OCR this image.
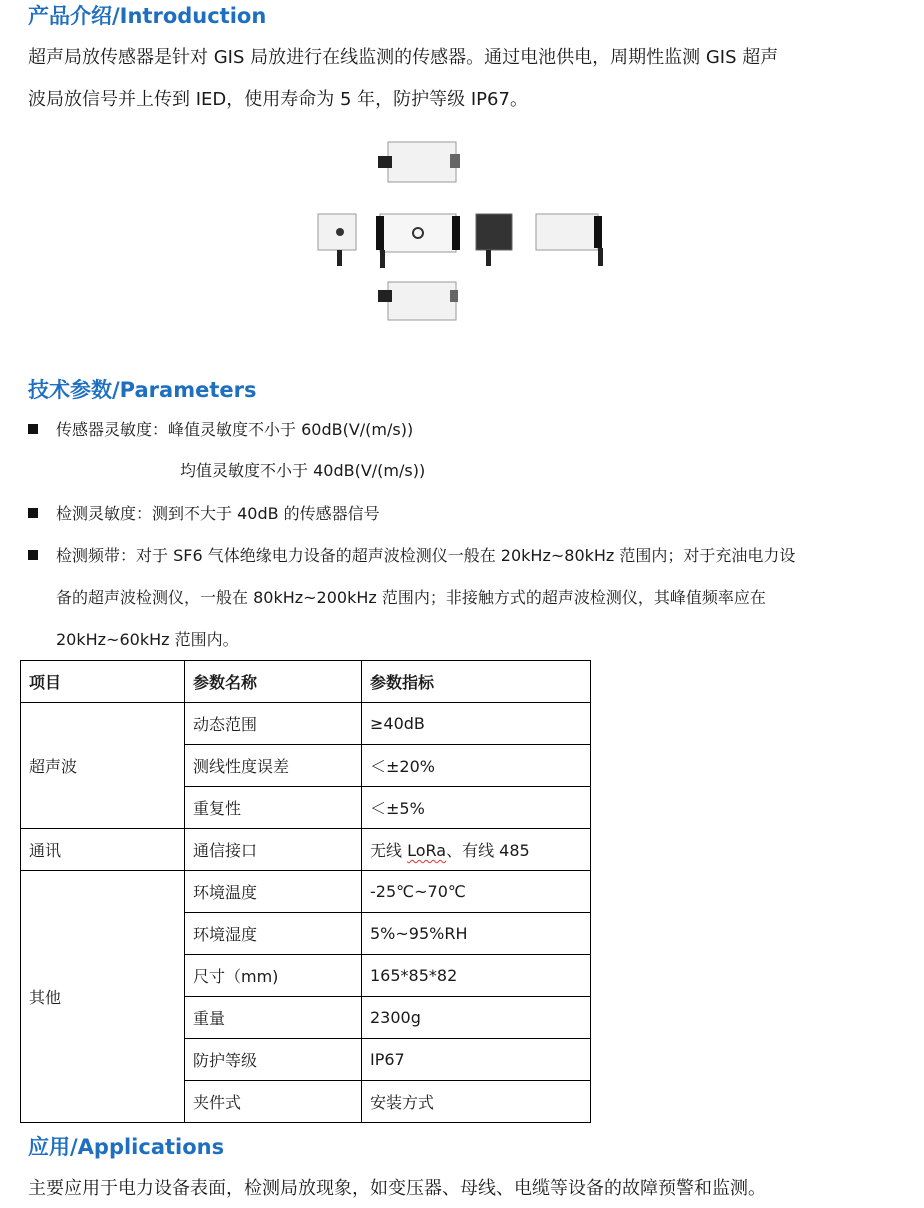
产品介绍/Introduction

超声局放传感器是针对 GIS 局放进行在线监测的传感器。通过电池供电，周期性监测 GIS 超声

波局放信号并上传到 IED，使用寿命为 5 年，防护等级 IP67。

技术参数/Parameters
传感器灵敏度：峰值灵敏度不小于 60dB(V/(m/s))
均值灵敏度不小于 40dB(V/(m/s))
检测灵敏度：测到不大于 40dB 的传感器信号
检测频带：对于 SF6 气体绝缘电力设备的超声波检测仪一般在 20kHz~80kHz 范围内；对于充油电力设
备的超声波检测仪，一般在 80kHz~200kHz 范围内；非接触方式的超声波检测仪，其峰值频率应在
20kHz~60kHz 范围内。
项目	参数名称	参数指标
超声波	动态范围	≥40dB
	测线性度误差	＜±20%
	重复性	＜±5%
通讯	通信接口	无线 LoRa、有线 485
其他	环境温度	-25℃~70℃
	环境湿度	5%~95%RH
	尺寸（mm)	165*85*82
	重量	2300g
	防护等级	IP67
	夹件式	安装方式
应用/Applications

主要应用于电力设备表面，检测局放现象，如变压器、母线、电缆等设备的故障预警和监测。
